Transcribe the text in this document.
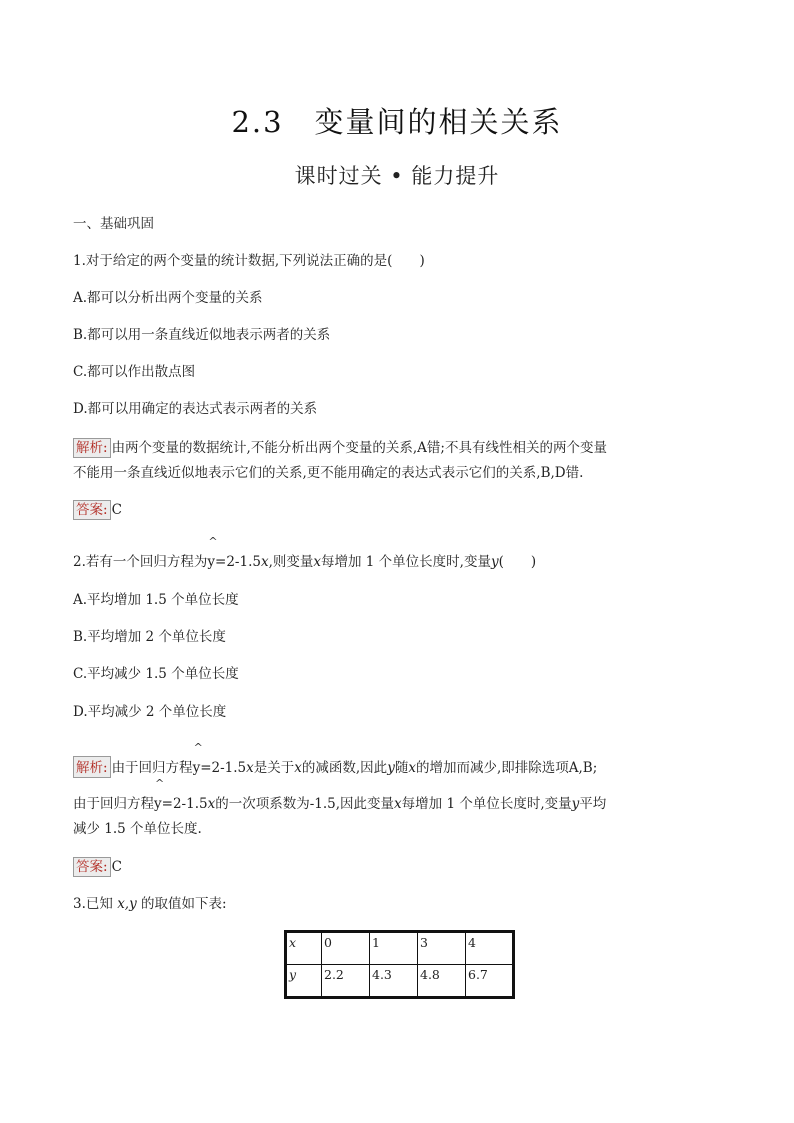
2.3　变量间的相关关系
课时过关 • 能力提升
一、基础巩固
1.对于给定的两个变量的统计数据,下列说法正确的是(　　)
A.都可以分析出两个变量的关系
B.都可以用一条直线近似地表示两者的关系
C.都可以作出散点图
D.都可以用确定的表达式表示两者的关系
解析: 由两个变量的数据统计,不能分析出两个变量的关系,A错;不具有线性相关的两个变量
不能用一条直线近似地表示它们的关系,更不能用确定的表达式表示它们的关系,B,D错.
答案: C
2.若有一个回归方程为
^
y=2-1.5x,则变量x每增加 1 个单位长度时,变量y(　　)
A.平均增加 1.5 个单位长度
B.平均增加 2 个单位长度
C.平均减少 1.5 个单位长度
D.平均减少 2 个单位长度
解析: 由于回归方程
^
y=2-1.5x是关于x的减函数,因此y随x的增加而减少,即排除选项A,B;
由于回归方程
^
y=2-1.5x的一次项系数为-1.5,因此变量x每增加 1 个单位长度时,变量y平均
减少 1.5 个单位长度.
答案: C
3.已知 x,y 的取值如下表:
x	0	1	3	4
y	2.2	4.3	4.8	6.7
